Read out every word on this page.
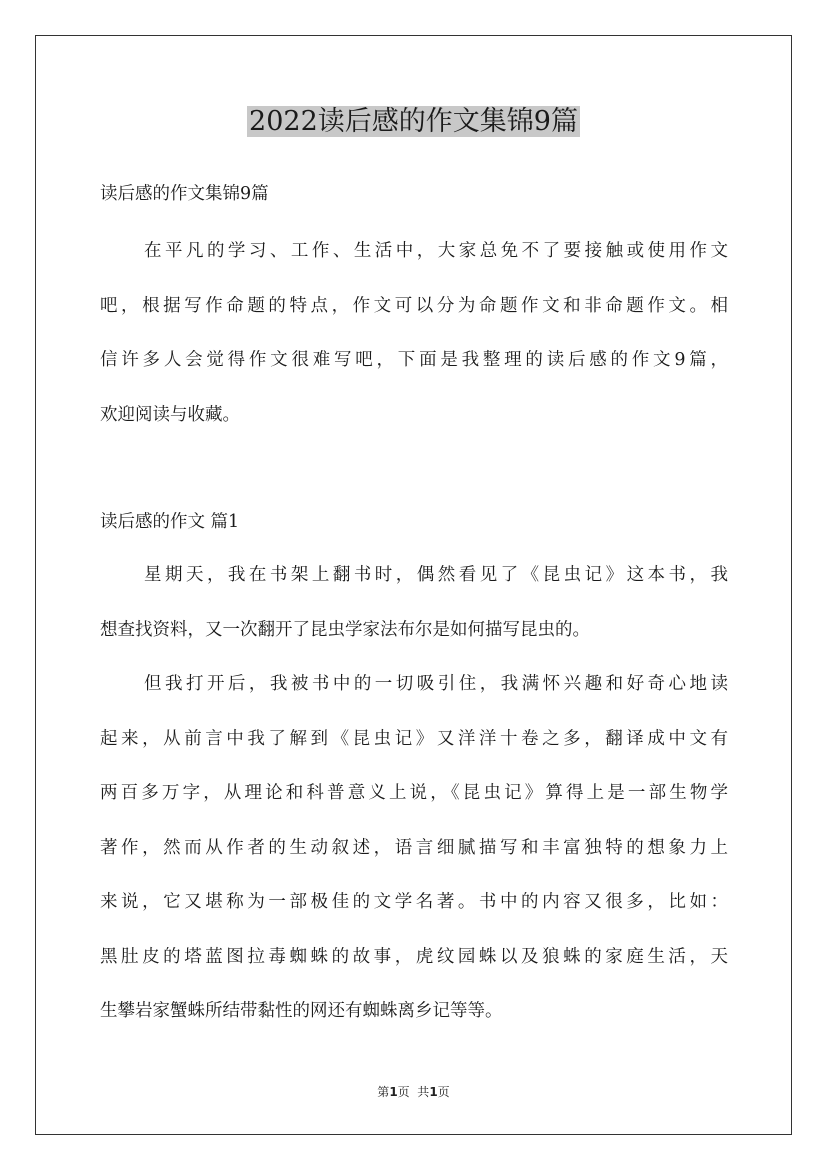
2022读后感的作文集锦9篇

读后感的作文集锦9篇

在平凡的学习、工作、生活中，大家总免不了要接触或使用作文
吧，根据写作命题的特点，作文可以分为命题作文和非命题作文。相
信许多人会觉得作文很难写吧，下面是我整理的读后感的作文9篇，
欢迎阅读与收藏。

读后感的作文 篇1

星期天，我在书架上翻书时，偶然看见了《昆虫记》这本书，我
想查找资料，又一次翻开了昆虫学家法布尔是如何描写昆虫的。
但我打开后，我被书中的一切吸引住，我满怀兴趣和好奇心地读
起来，从前言中我了解到《昆虫记》又洋洋十卷之多，翻译成中文有
两百多万字，从理论和科普意义上说，《昆虫记》算得上是一部生物学
著作，然而从作者的生动叙述，语言细腻描写和丰富独特的想象力上
来说，它又堪称为一部极佳的文学名著。书中的内容又很多，比如：
黑肚皮的塔蓝图拉毒蜘蛛的故事，虎纹园蛛以及狼蛛的家庭生活，天
生攀岩家蟹蛛所结带黏性的网还有蜘蛛离乡记等等。
第1页  共1页
